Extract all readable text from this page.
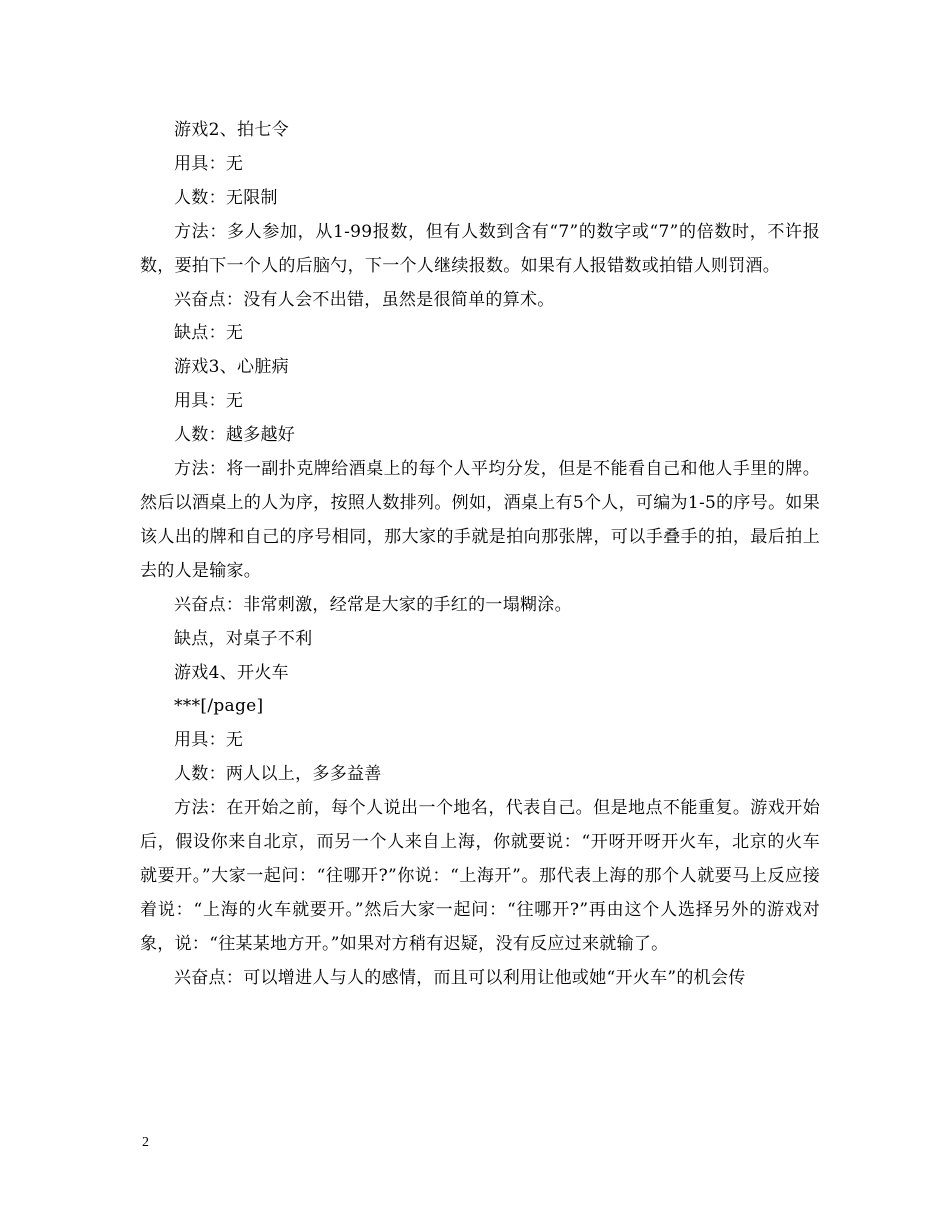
游戏2、拍七令

用具：无

人数：无限制

方法：多人参加，从1-99报数，但有人数到含有“7”的数字或“7”的倍数时，不许报数，要拍下一个人的后脑勺，下一个人继续报数。如果有人报错数或拍错人则罚酒。

兴奋点：没有人会不出错，虽然是很简单的算术。

缺点：无

游戏3、心脏病

用具：无

人数：越多越好

方法：将一副扑克牌给酒桌上的每个人平均分发，但是不能看自己和他人手里的牌。然后以酒桌上的人为序，按照人数排列。例如，酒桌上有5个人，可编为1-5的序号。如果该人出的牌和自己的序号相同，那大家的手就是拍向那张牌，可以手叠手的拍，最后拍上去的人是输家。

兴奋点：非常刺激，经常是大家的手红的一塌糊涂。

缺点，对桌子不利

游戏4、开火车

***[/page]

用具：无

人数：两人以上，多多益善

方法：在开始之前，每个人说出一个地名，代表自己。但是地点不能重复。游戏开始后，假设你来自北京，而另一个人来自上海，你就要说：“开呀开呀开火车，北京的火车就要开。”大家一起问：“往哪开?”你说：“上海开”。那代表上海的那个人就要马上反应接着说：“上海的火车就要开。”然后大家一起问：“往哪开?”再由这个人选择另外的游戏对象，说：“往某某地方开。”如果对方稍有迟疑，没有反应过来就输了。

兴奋点：可以增进人与人的感情，而且可以利用让他或她“开火车”的机会传

2
